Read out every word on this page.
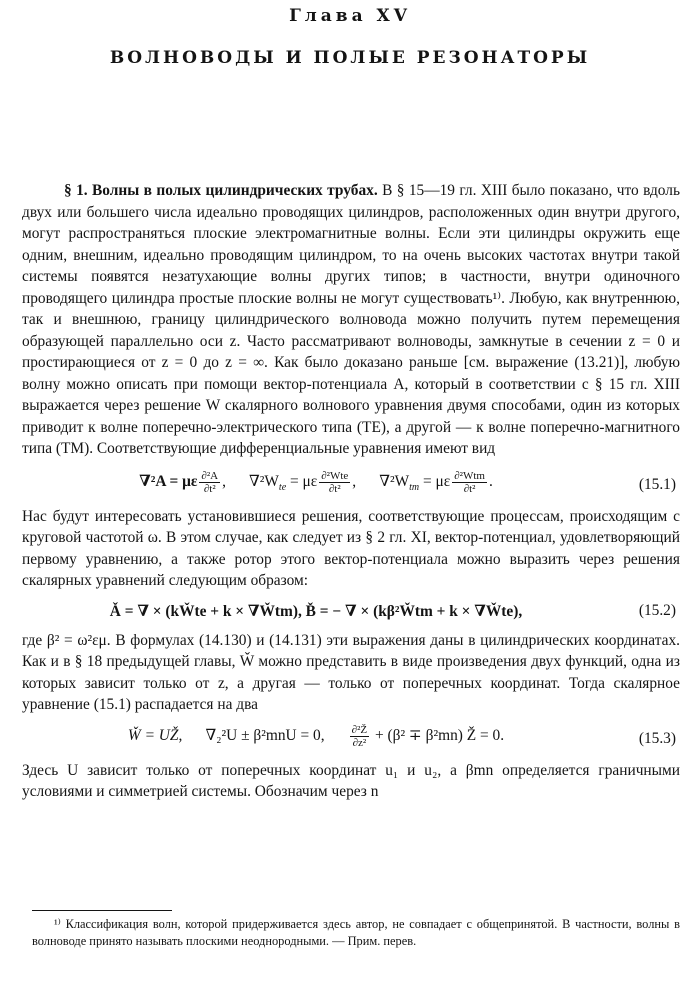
Глава XV
ВОЛНОВОДЫ И ПОЛЫЕ РЕЗОНАТОРЫ

§ 1. Волны в полых цилиндрических трубах. В § 15—19 гл. XIII было показано, что вдоль двух или большего числа идеально проводящих цилиндров, расположенных один внутри другого, могут распространяться плоские электромагнитные волны. Если эти цилиндры окружить еще одним, внешним, идеально проводящим цилиндром, то на очень высоких частотах внутри такой системы появятся незатухающие волны других типов; в частности, внутри одиночного проводящего цилиндра простые плоские волны не могут существовать¹⁾. Любую, как внутреннюю, так и внешнюю, границу цилиндрического волновода можно получить путем перемещения образующей параллельно оси z. Часто рассматривают волноводы, замкнутые в сечении z = 0 и простирающиеся от z = 0 до z = ∞. Как было доказано раньше [см. выражение (13.21)], любую волну можно описать при помощи вектор-потенциала A, который в соответствии с § 15 гл. XIII выражается через решение W скалярного волнового уравнения двумя способами, один из которых приводит к волне поперечно-электрического типа (TE), а другой — к волне поперечно-магнитного типа (TM). Соответствующие дифференциальные уравнения имеют вид

∇²A = με $\frac{\text{∂²A}}{\text{∂t²}}$ ,      $\nabla^2W_{te} = \mu\varepsilon \frac{\text{∂²Wte}}{\text{∂t²}}$ ,      $\nabla^2W_{tm} = \mu\varepsilon \frac{\text{∂²Wtm}}{\text{∂t²}}$ .	(15.1)

Нас будут интересовать установившиеся решения, соответствующие процессам, происходящим с круговой частотой ω. В этом случае, как следует из § 2 гл. XI, вектор-потенциал, удовлетворяющий первому уравнению, а также ротор этого вектор-потенциала можно выразить через решения скалярных уравнений следующим образом:

Ǎ = ∇ × (kW̌te + k × ∇W̌tm), B̌ = − ∇ × (kβ²W̌tm + k × ∇W̌te),	(15.2)

где β² = ω²εμ. В формулах (14.130) и (14.131) эти выражения даны в цилиндрических координатах. Как и в § 18 предыдущей главы, W̌ можно представить в виде произведения двух функций, одна из которых зависит только от z, а другая — только от поперечных координат. Тогда скалярное уравнение (15.1) распадается на два

W̌ = UŽ, ∇₂²U ± β²mnU = 0, $\frac{\text{∂²Ž}}{\text{∂z²}} + (\beta^2 \mp \beta^2mn)$ Ž = 0.	(15.3)

Здесь U зависит только от поперечных координат u₁ и u₂, а βmn определяется граничными условиями и симметрией системы. Обозначим через n

¹⁾ Классификация волн, которой придерживается здесь автор, не совпадает с общепринятой. В частности, волны в волноводе принято называть плоскими неоднородными. — Прим. перев.
